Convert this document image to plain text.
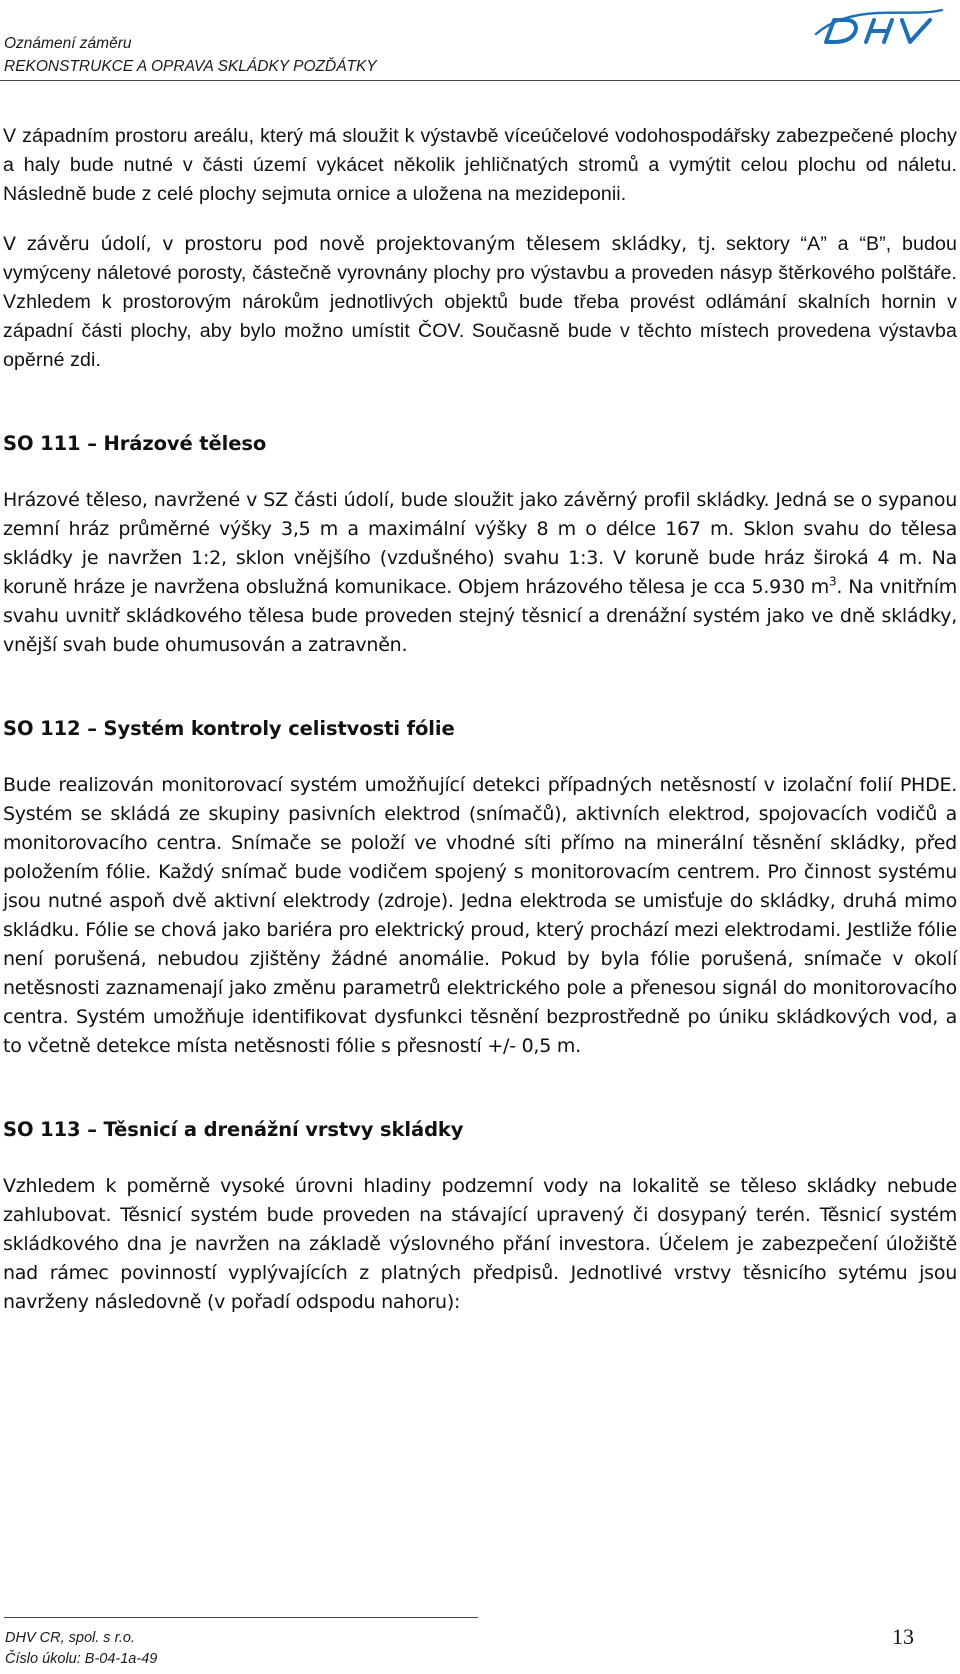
Oznámení záměru
REKONSTRUKCE A OPRAVA SKLÁDKY POZĎÁTKY

V západním prostoru areálu, který má sloužit k výstavbě víceúčelové vodohospodářsky zabezpečené plochy a haly bude nutné v části území vykácet několik jehličnatých stromů a vymýtit celou plochu od náletu. Následně bude z celé plochy sejmuta ornice a uložena na mezideponii.

V závěru údolí, v prostoru pod nově projektovaným tělesem skládky, tj. sektory “A” a “B”, budou vymýceny náletové porosty, částečně vyrovnány plochy pro výstavbu a proveden násyp štěrkového polštáře. Vzhledem k prostorovým nárokům jednotlivých objektů bude třeba provést odlámání skalních hornin v západní části plochy, aby bylo možno umístit ČOV. Současně bude v těchto místech provedena výstavba opěrné zdi.

SO 111 – Hrázové těleso

Hrázové těleso, navržené v SZ části údolí, bude sloužit jako závěrný profil skládky. Jedná se o sypanou zemní hráz průměrné výšky 3,5 m a maximální výšky 8 m o délce 167 m. Sklon svahu do tělesa skládky je navržen 1:2, sklon vnějšího (vzdušného) svahu 1:3. V koruně bude hráz široká 4 m. Na koruně hráze je navržena obslužná komunikace. Objem hrázového tělesa je cca 5.930 $m^3$. Na vnitřním svahu uvnitř skládkového tělesa bude proveden stejný těsnicí a drenážní systém jako ve dně skládky, vnější svah bude ohumusován a zatravněn.

SO 112 – Systém kontroly celistvosti fólie

Bude realizován monitorovací systém umožňující detekci případných netěsností v izolační folií PHDE. Systém se skládá ze skupiny pasivních elektrod (snímačů), aktivních elektrod, spojovacích vodičů a monitorovacího centra. Snímače se položí ve vhodné síti přímo na minerální těsnění skládky, před položením fólie. Každý snímač bude vodičem spojený s monitorovacím centrem. Pro činnost systému jsou nutné aspoň dvě aktivní elektrody (zdroje). Jedna elektroda se umisťuje do skládky, druhá mimo skládku. Fólie se chová jako bariéra pro elektrický proud, který prochází mezi elektrodami. Jestliže fólie není porušená, nebudou zjištěny žádné anomálie. Pokud by byla fólie porušená, snímače v okolí netěsnosti zaznamenají jako změnu parametrů elektrického pole a přenesou signál do monitorovacího centra. Systém umožňuje identifikovat dysfunkci těsnění bezprostředně po úniku skládkových vod, a to včetně detekce místa netěsnosti fólie s přesností +/- 0,5 m.

SO 113 – Těsnicí a drenážní vrstvy skládky

Vzhledem k poměrně vysoké úrovni hladiny podzemní vody na lokalitě se těleso skládky nebude zahlubovat. Těsnicí systém bude proveden na stávající upravený či dosypaný terén. Těsnicí systém skládkového dna je navržen na základě výslovného přání investora. Účelem je zabezpečení úložiště nad rámec povinností vyplývajících z platných předpisů. Jednotlivé vrstvy těsnicího sytému jsou navrženy následovně (v pořadí odspodu nahoru):

DHV CR, spol. s r.o.
Číslo úkolu: B-04-1a-49
13
